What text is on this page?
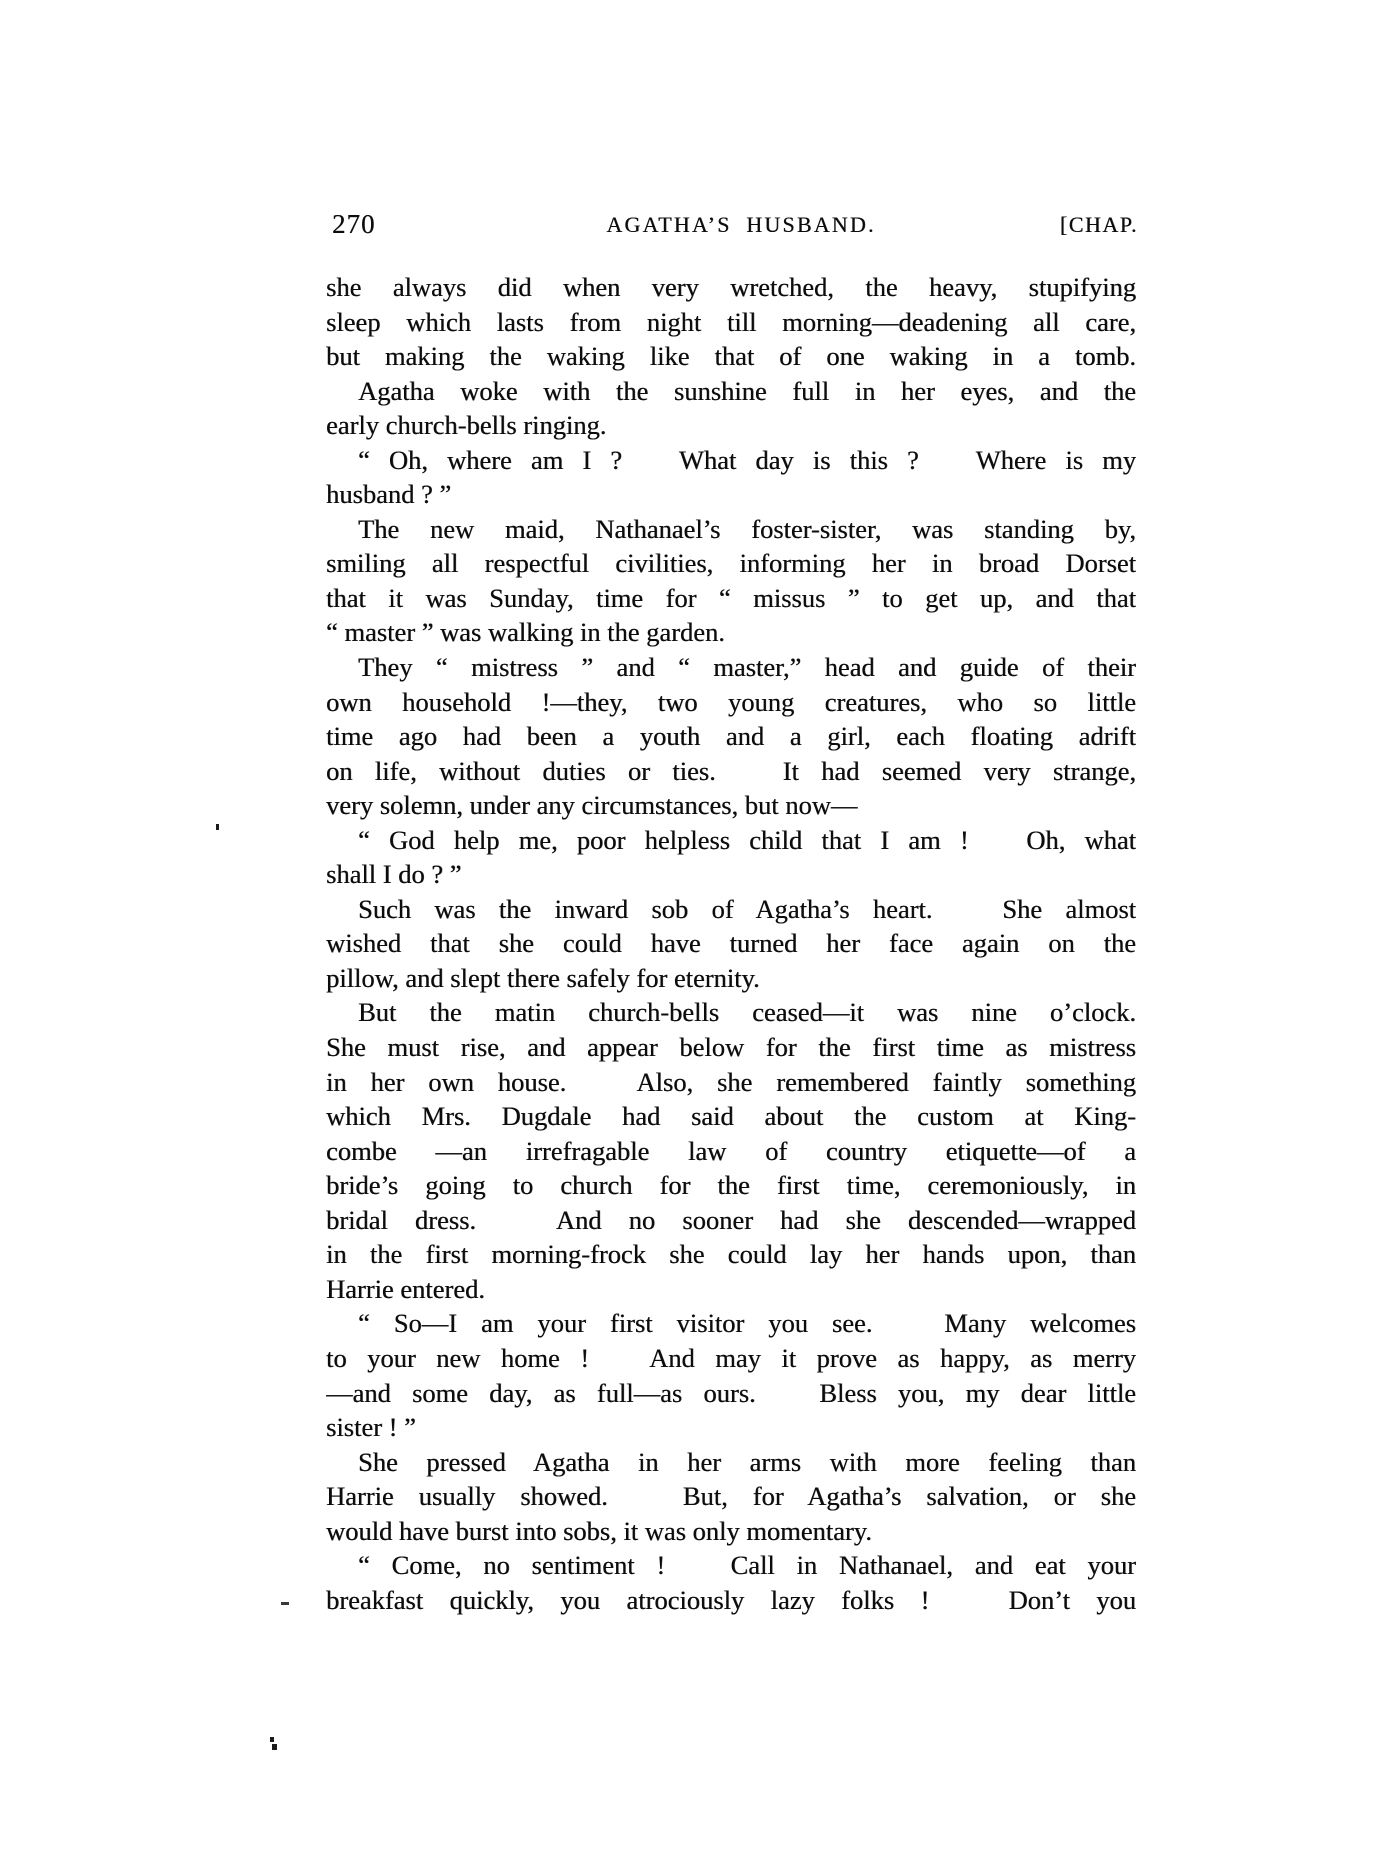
270	AGATHA’S HUSBAND.	[CHAP.
she always did when very wretched, the heavy, stupifying
sleep which lasts from night till morning—deadening all care,
but making the waking like that of one waking in a tomb.
Agatha woke with the sunshine full in her eyes, and the
early church-bells ringing.
“ Oh, where am I ?   What day is this ?   Where is my
husband ? ”
The new maid, Nathanael’s foster-sister, was standing by,
smiling all respectful civilities, informing her in broad Dorset
that it was Sunday, time for “ missus ” to get up, and that
“ master ” was walking in the garden.
They “ mistress ” and “ master,” head and guide of their
own household !—they, two young creatures, who so little
time ago had been a youth and a girl, each floating adrift
on life, without duties or ties.   It had seemed very strange,
very solemn, under any circumstances, but now—
“ God help me, poor helpless child that I am !   Oh, what
shall I do ? ”
Such was the inward sob of Agatha’s heart.   She almost
wished that she could have turned her face again on the
pillow, and slept there safely for eternity.
But the matin church-bells ceased—it was nine o’clock.
She must rise, and appear below for the first time as mistress
in her own house.   Also, she remembered faintly something
which Mrs. Dugdale had said about the custom at King-
combe —an irrefragable law of country etiquette—of a
bride’s going to church for the first time, ceremoniously, in
bridal dress.   And no sooner had she descended—wrapped
in the first morning-frock she could lay her hands upon, than
Harrie entered.
“ So—I am your first visitor you see.   Many welcomes
to your new home !   And may it prove as happy, as merry
—and some day, as full—as ours.   Bless you, my dear little
sister ! ”
She pressed Agatha in her arms with more feeling than
Harrie usually showed.   But, for Agatha’s salvation, or she
would have burst into sobs, it was only momentary.
“ Come, no sentiment !   Call in Nathanael, and eat your
breakfast quickly, you atrociously lazy folks !   Don’t you
